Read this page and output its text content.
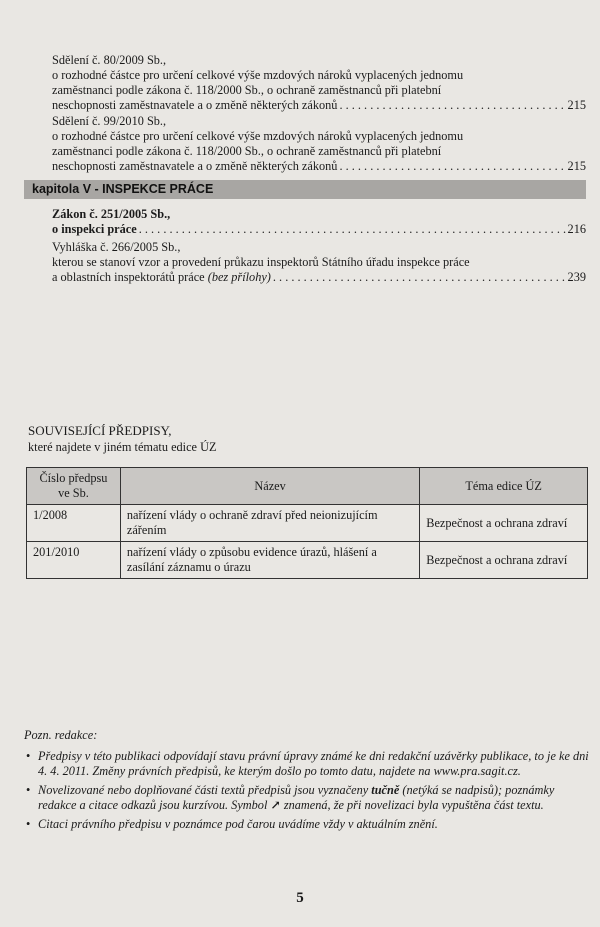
Sdělení č. 80/2009 Sb.,
o rozhodné částce pro určení celkové výše mzdových nároků vyplacených jednomu
zaměstnanci podle zákona č. 118/2000 Sb., o ochraně zaměstnanců při platební
neschopnosti zaměstnavatele a o změně některých zákonů . . .	215
Sdělení č. 99/2010 Sb.,
o rozhodné částce pro určení celkové výše mzdových nároků vyplacených jednomu
zaměstnanci podle zákona č. 118/2000 Sb., o ochraně zaměstnanců při platební
neschopnosti zaměstnavatele a o změně některých zákonů . . .	215
kapitola V - INSPEKCE PRÁCE
Zákon č. 251/2005 Sb.,
o inspekci práce . . .	216
Vyhláška č. 266/2005 Sb.,
kterou se stanoví vzor a provedení průkazu inspektorů Státního úřadu inspekce práce
a oblastních inspektorátů práce (bez přílohy) . . .	239
SOUVISEJÍCÍ PŘEDPISY,
které najdete v jiném tématu edice ÚZ
Číslo předpsu ve Sb.	Název	Téma edice ÚZ
1/2008	nařízení vlády o ochraně zdraví před neionizujícím zářením	Bezpečnost a ochrana zdraví
201/2010	nařízení vlády o způsobu evidence úrazů, hlášení a zasílání záznamu o úrazu	Bezpečnost a ochrana zdraví
Pozn. redakce:
• Předpisy v této publikaci odpovídají stavu právní úpravy známé ke dni redakční uzávěrky publikace, to je ke dni 4. 4. 2011. Změny právních předpisů, ke kterým došlo po tomto datu, najdete na www.pra.sagit.cz.
• Novelizované nebo doplňované části textů předpisů jsou vyznačeny tučně (netýká se nadpisů); poznámky redakce a citace odkazů jsou kurzívou. Symbol ↗ znamená, že při novelizaci byla vypuštěna část textu.
• Citaci právního předpisu v poznámce pod čarou uvádíme vždy v aktuálním znění.
5
